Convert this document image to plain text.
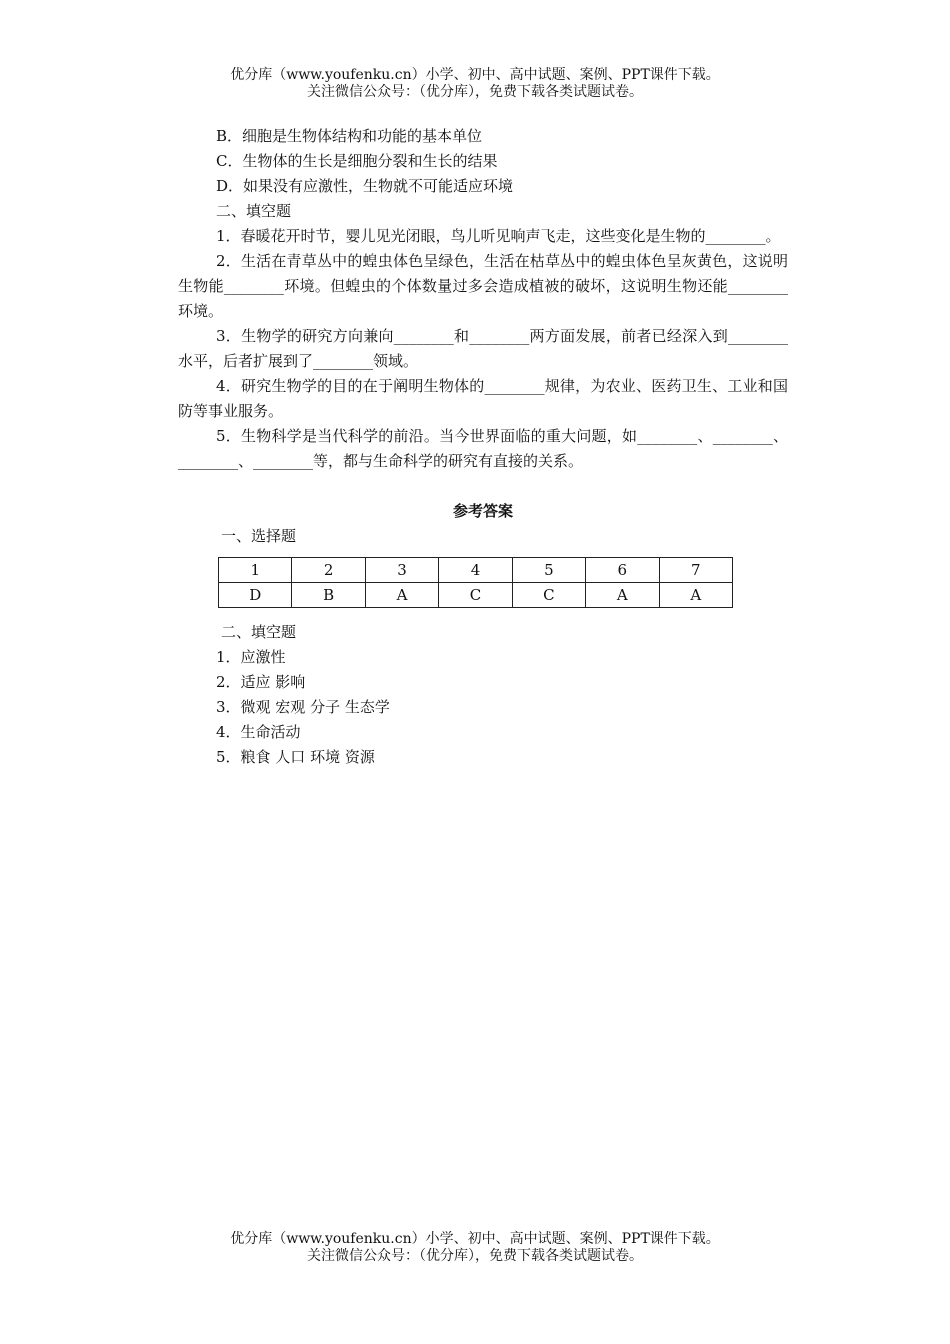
优分库（www.youfenku.cn）小学、初中、高中试题、案例、PPT课件下载。
关注微信公众号：（优分库），免费下载各类试题试卷。
B．细胞是生物体结构和功能的基本单位
C．生物体的生长是细胞分裂和生长的结果
D．如果没有应激性，生物就不可能适应环境
二、填空题
1．春暖花开时节，婴儿见光闭眼，鸟儿听见响声飞走，这些变化是生物的________。
2．生活在青草丛中的蝗虫体色呈绿色，生活在枯草丛中的蝗虫体色呈灰黄色，这说明生物能________环境。但蝗虫的个体数量过多会造成植被的破坏，这说明生物还能________环境。
3．生物学的研究方向兼向________和________两方面发展，前者已经深入到________水平，后者扩展到了________领域。
4．研究生物学的目的在于阐明生物体的________规律，为农业、医药卫生、工业和国防等事业服务。
5．生物科学是当代科学的前沿。当今世界面临的重大问题，如________、________、________、________等，都与生命科学的研究有直接的关系。
参考答案
一、选择题
1	2	3	4	5	6	7
D	B	A	C	C	A	A
二、填空题
1．应激性
2．适应 影响
3．微观 宏观 分子 生态学
4．生命活动
5．粮食 人口 环境 资源
优分库（www.youfenku.cn）小学、初中、高中试题、案例、PPT课件下载。
关注微信公众号：（优分库），免费下载各类试题试卷。
